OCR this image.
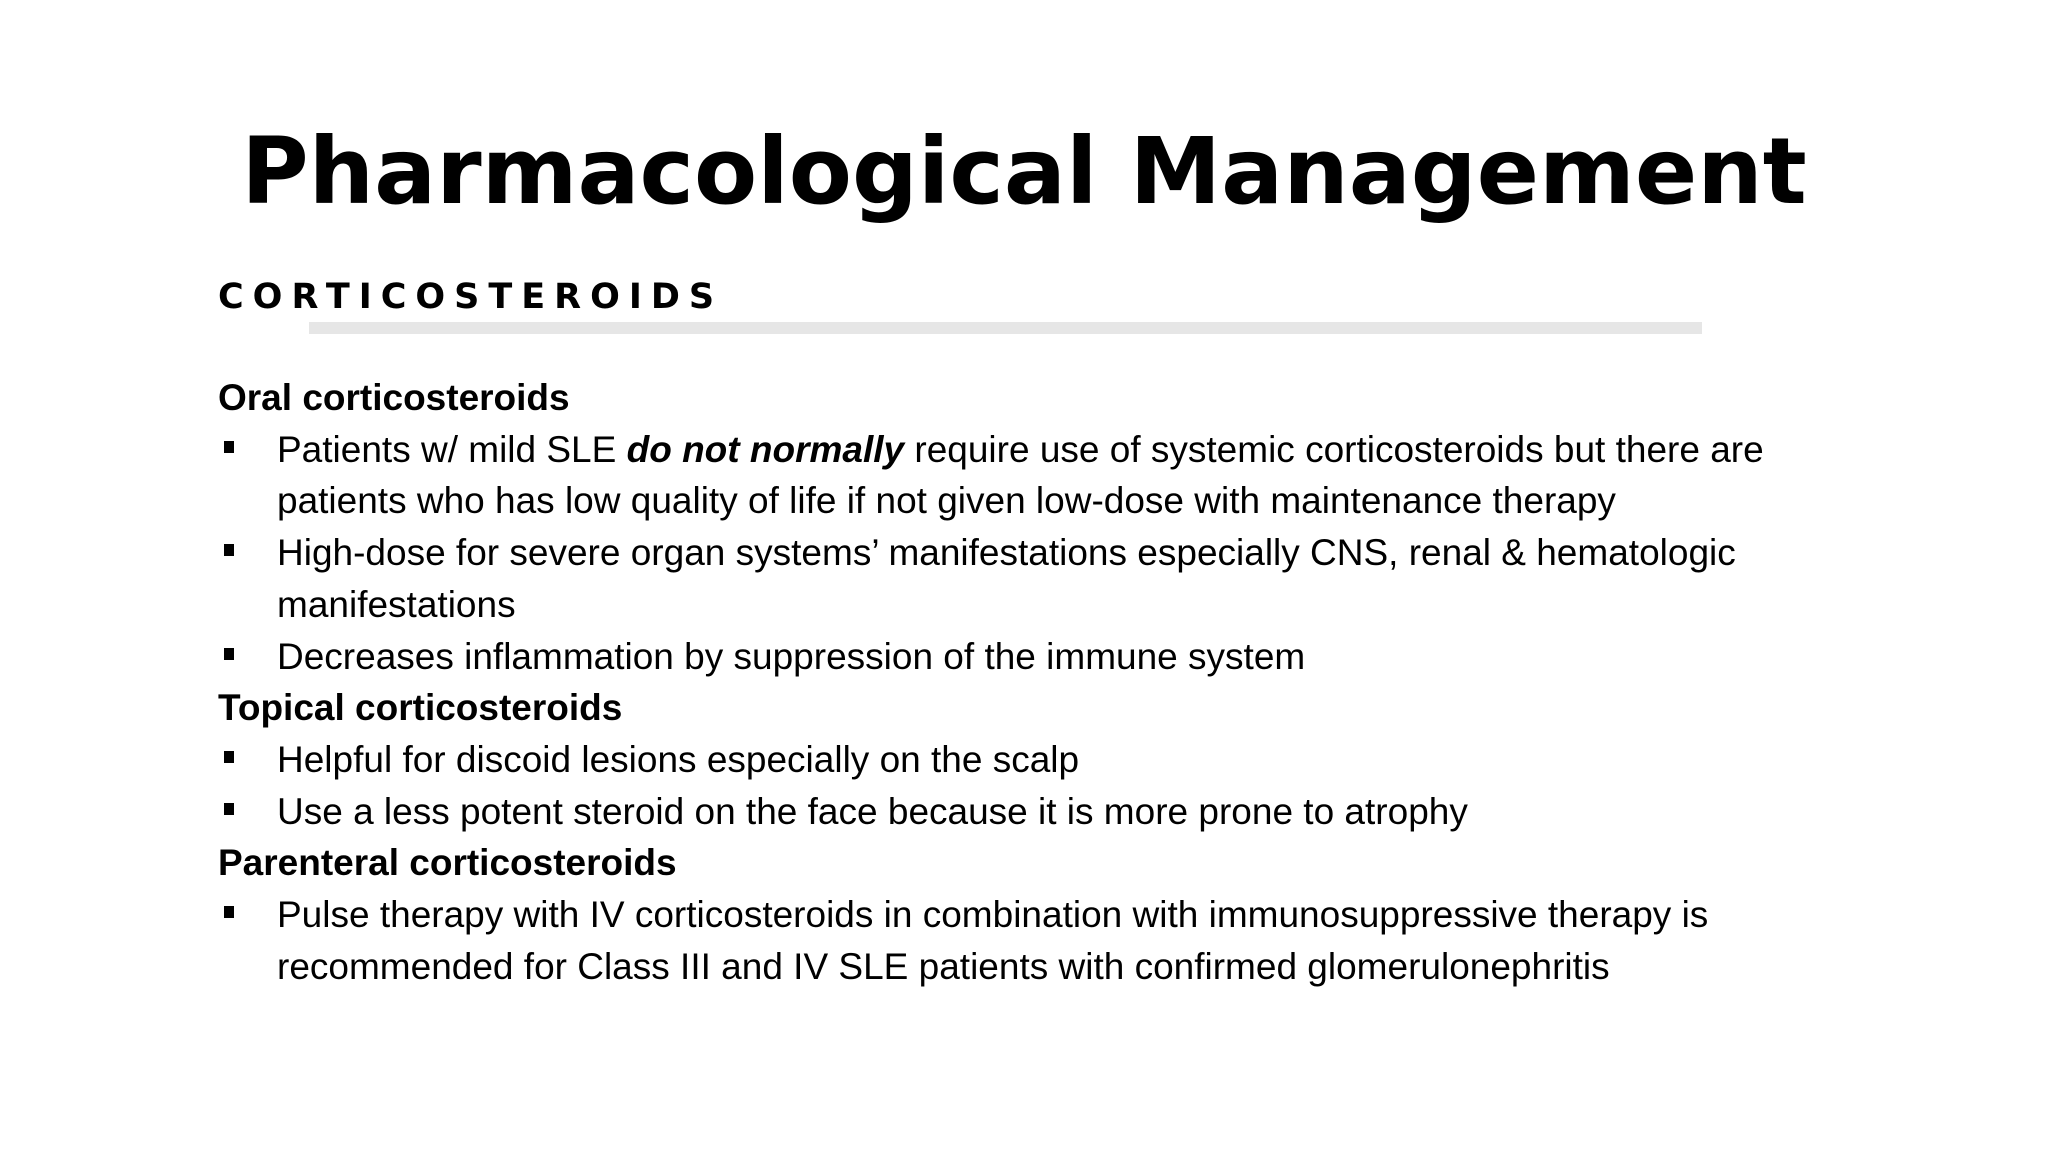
Pharmacological Management
CORTICOSTEROIDS

Oral corticosteroids

Patients w/ mild SLE do not normally require use of systemic corticosteroids but there are patients who has low quality of life if not given low-dose with maintenance therapy
High-dose for severe organ systems’ manifestations especially CNS, renal & hematologic manifestations
Decreases inflammation by suppression of the immune system

Topical corticosteroids

Helpful for discoid lesions especially on the scalp
Use a less potent steroid on the face because it is more prone to atrophy

Parenteral corticosteroids

Pulse therapy with IV corticosteroids in combination with immunosuppressive therapy is recommended for Class III and IV SLE patients with confirmed glomerulonephritis
